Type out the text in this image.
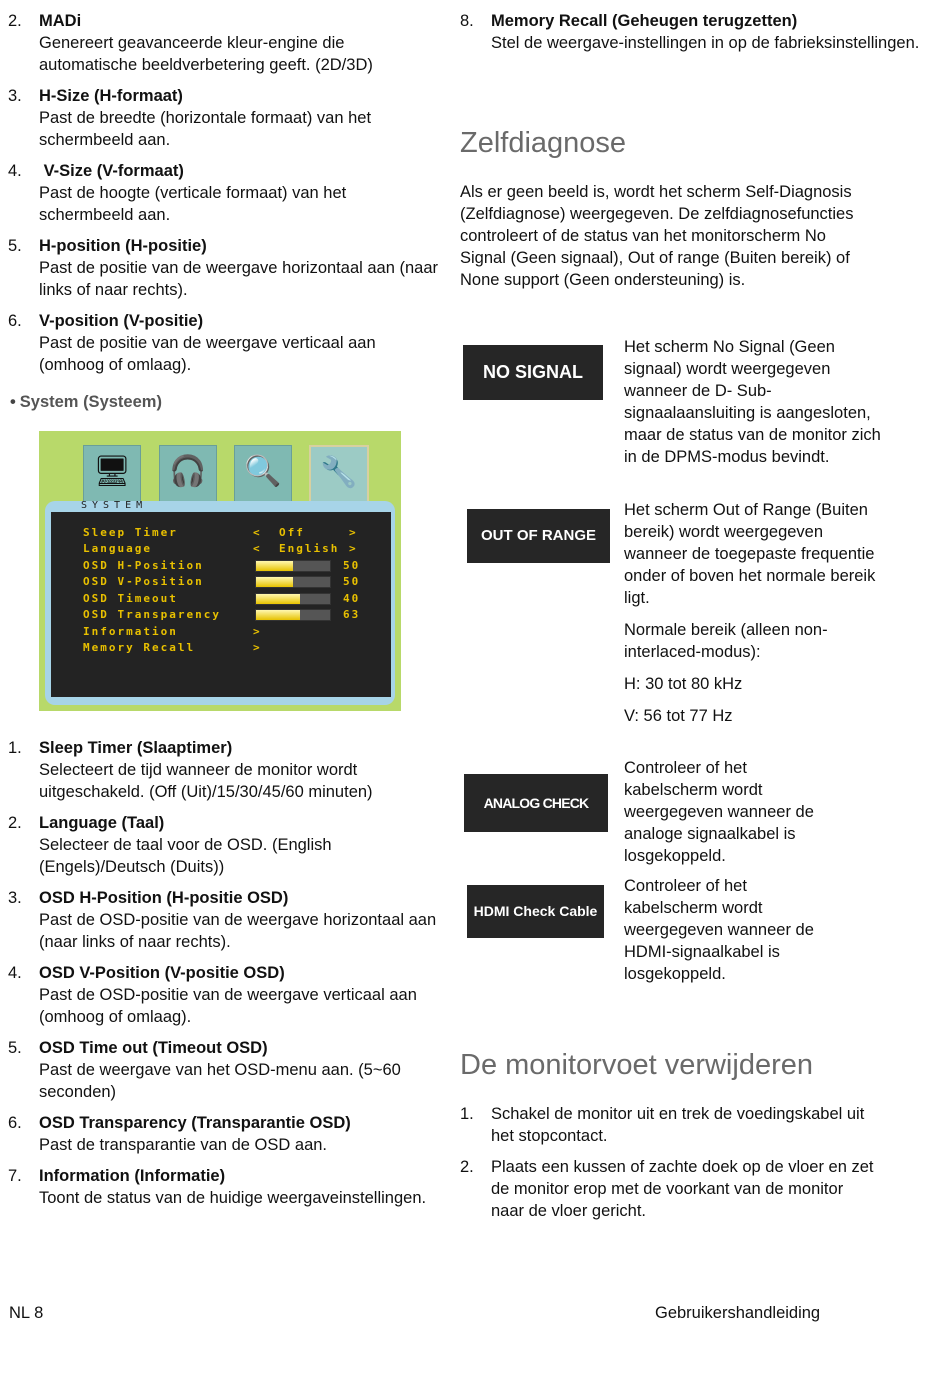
2. MADi
Genereert geavanceerde kleur-engine die automatische beeldverbetering geeft. (2D/3D)
3. H-Size (H-formaat)
Past de breedte (horizontale formaat) van het schermbeeld aan.
4. V-Size (V-formaat)
Past de hoogte (verticale formaat) van het schermbeeld aan.
5. H-position (H-positie)
Past de positie van de weergave horizontaal aan (naar links of naar rechts).
6. V-position (V-positie)
Past de positie van de weergave verticaal aan (omhoog of omlaag).
• System (Systeem)
🖥	🎧	🔍	🔧
SYSTEM
Sleep Timer	< Off	>
Language	< English >
OSD H-Position	50
OSD V-Position	50
OSD Timeout	40
OSD Transparency	63
Information	>
Memory Recall	>
1. Sleep Timer (Slaaptimer)
Selecteert de tijd wanneer de monitor wordt uitgeschakeld. (Off (Uit)/15/30/45/60 minuten)
2. Language (Taal)
Selecteer de taal voor de OSD. (English (Engels)/Deutsch (Duits))
3. OSD H-Position (H-positie OSD)
Past de OSD-positie van de weergave horizontaal aan (naar links of naar rechts).
4. OSD V-Position (V-positie OSD)
Past de OSD-positie van de weergave verticaal aan (omhoog of omlaag).
5. OSD Time out (Timeout OSD)
Past de weergave van het OSD-menu aan. (5~60 seconden)
6. OSD Transparency (Transparantie OSD)
Past de transparantie van de OSD aan.
7. Information (Informatie)
Toont de status van de huidige weergaveinstellingen.
8. Memory Recall (Geheugen terugzetten)
Stel de weergave-instellingen in op de fabrieksinstellingen.
Zelfdiagnose

Als er geen beeld is, wordt het scherm Self-Diagnosis (Zelfdiagnose) weergegeven. De zelfdiagnosefuncties controleert of de status van het monitorscherm No Signal (Geen signaal), Out of range (Buiten bereik) of None support (Geen ondersteuning) is.

NO SIGNAL

Het scherm No Signal (Geen signaal) wordt weergegeven wanneer de D- Sub-signaalaansluiting is aangesloten, maar de status van de monitor zich in de DPMS-modus bevindt.

OUT OF RANGE

Het scherm Out of Range (Buiten bereik) wordt weergegeven wanneer de toegepaste frequentie onder of boven het normale bereik ligt.

Normale bereik (alleen non-interlaced-modus):

H: 30 tot 80 kHz

V: 56 tot 77 Hz

ANALOG CHECK CABLE

Controleer of het kabelscherm wordt weergegeven wanneer de analoge signaalkabel is losgekoppeld.

HDMI Check Cable

Controleer of het kabelscherm wordt weergegeven wanneer de HDMI-signaalkabel is losgekoppeld.

De monitorvoet verwijderen
1. Schakel de monitor uit en trek de voedingskabel uit het stopcontact.
2. Plaats een kussen of zachte doek op de vloer en zet de monitor erop met de voorkant van de monitor naar de vloer gericht.
NL 8	Gebruikershandleiding
